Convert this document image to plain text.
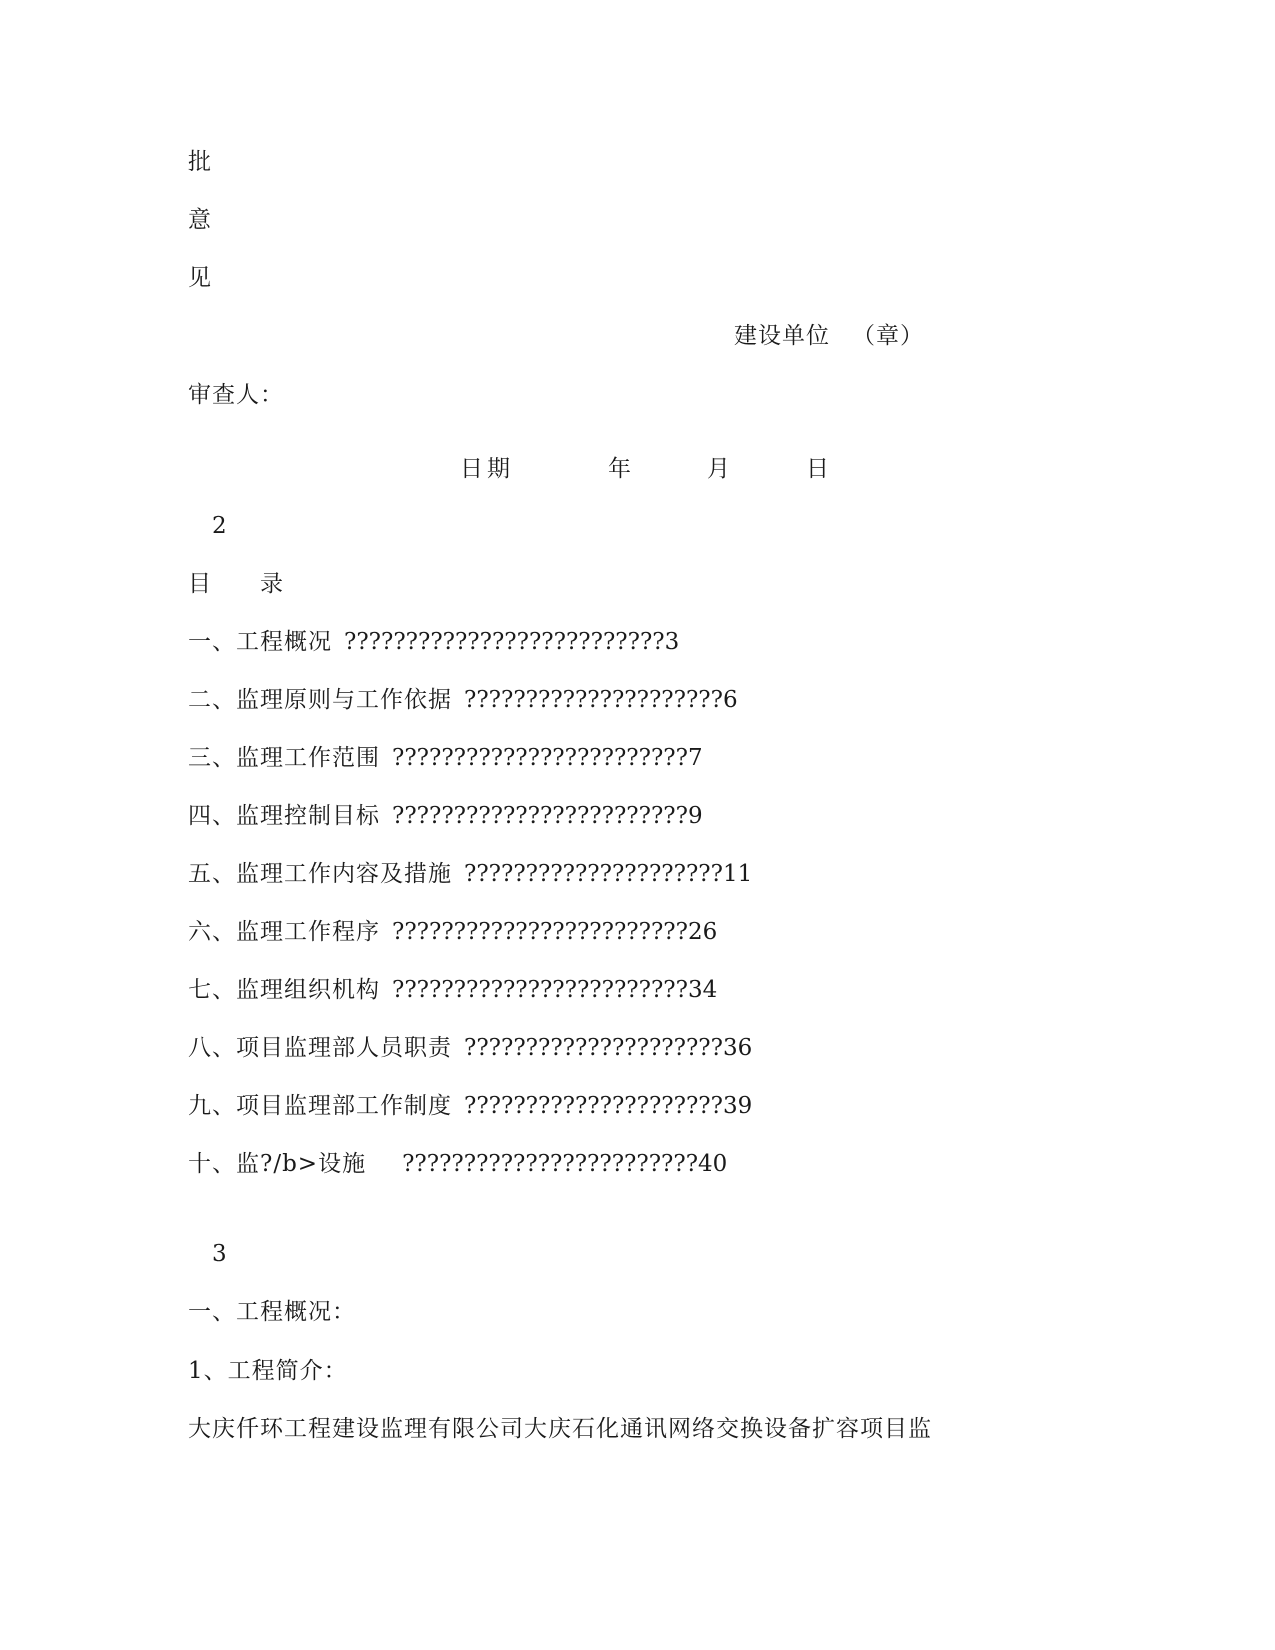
批
意
见
建设单位 （章）
审查人：
日期	年	月	日
2
目　　录
一、工程概况 ??????????????????????????3
二、监理原则与工作依据 ?????????????????????6
三、监理工作范围 ????????????????????????7
四、监理控制目标 ????????????????????????9
五、监理工作内容及措施 ?????????????????????11
六、监理工作程序 ????????????????????????26
七、监理组织机构 ????????????????????????34
八、项目监理部人员职责 ?????????????????????36
九、项目监理部工作制度 ?????????????????????39
十、监?/b>设施　????????????????????????40
3
一、工程概况：
1、工程简介：
大庆仟环工程建设监理有限公司大庆石化通讯网络交换设备扩容项目监
